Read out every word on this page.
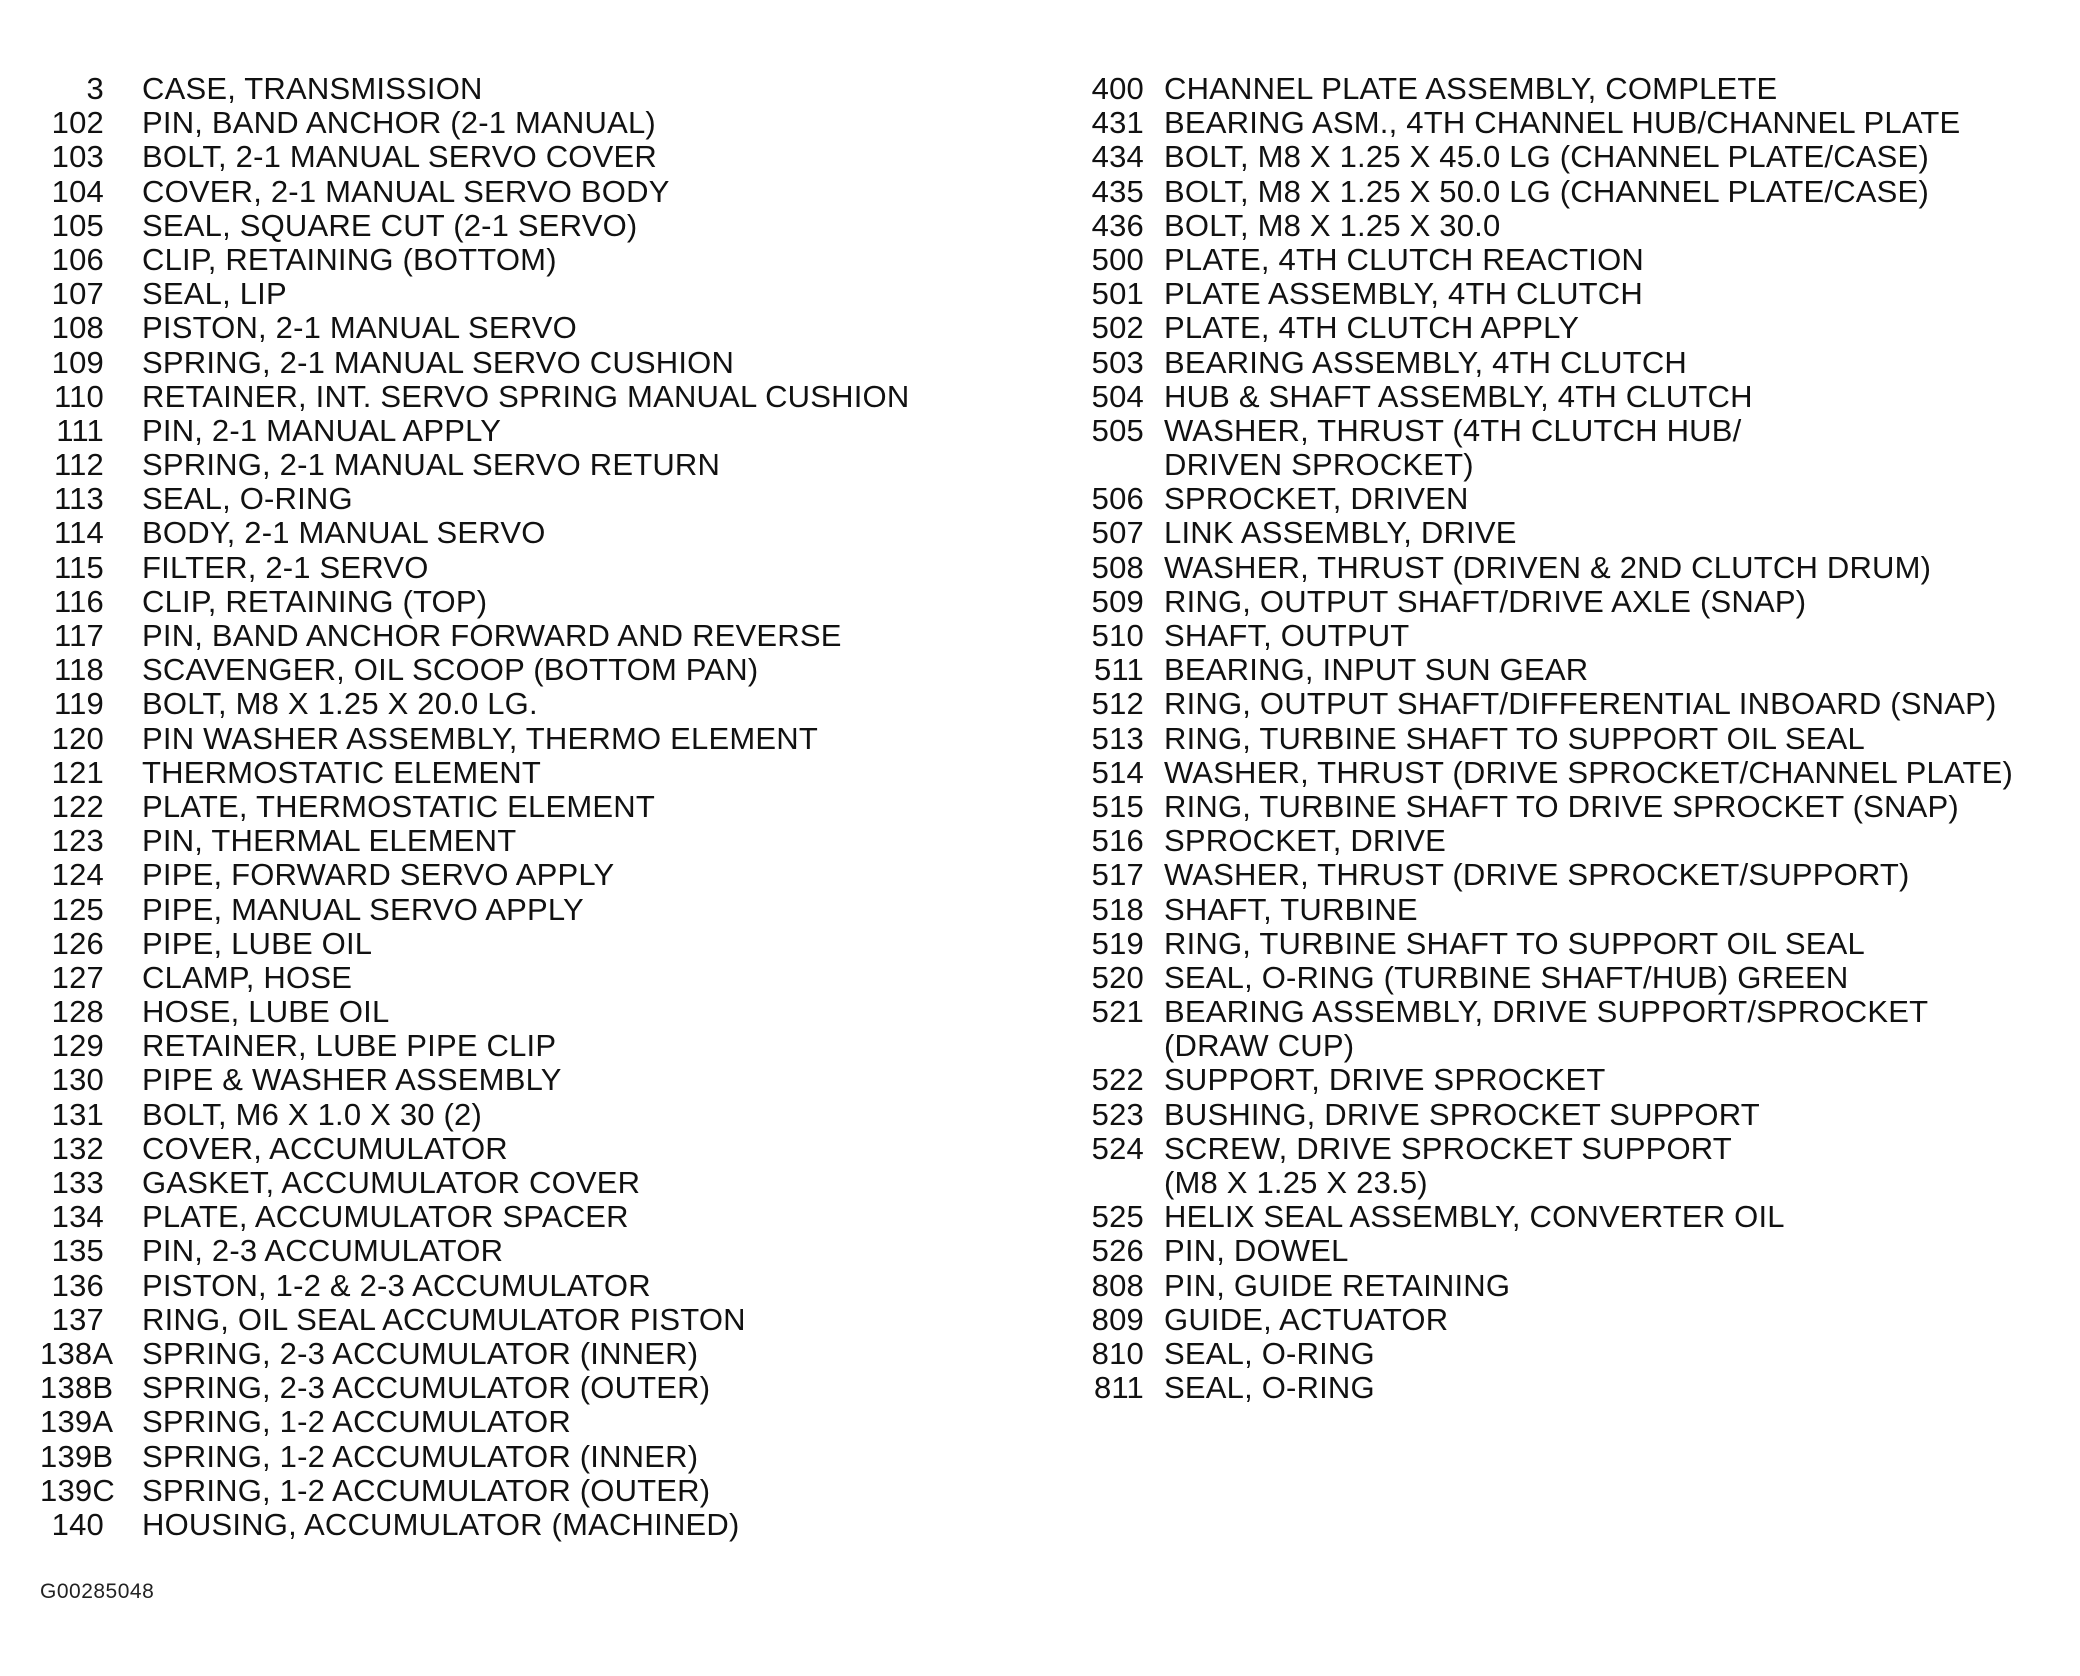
3 CASE, TRANSMISSION
102 PIN, BAND ANCHOR (2-1 MANUAL)
103 BOLT, 2-1 MANUAL SERVO COVER
104 COVER, 2-1 MANUAL SERVO BODY
105 SEAL, SQUARE CUT (2-1 SERVO)
106 CLIP, RETAINING (BOTTOM)
107 SEAL, LIP
108 PISTON, 2-1 MANUAL SERVO
109 SPRING, 2-1 MANUAL SERVO CUSHION
110 RETAINER, INT. SERVO SPRING MANUAL CUSHION
111 PIN, 2-1 MANUAL APPLY
112 SPRING, 2-1 MANUAL SERVO RETURN
113 SEAL, O-RING
114 BODY, 2-1 MANUAL SERVO
115 FILTER, 2-1 SERVO
116 CLIP, RETAINING (TOP)
117 PIN, BAND ANCHOR FORWARD AND REVERSE
118 SCAVENGER, OIL SCOOP (BOTTOM PAN)
119 BOLT, M8 X 1.25 X 20.0 LG.
120 PIN WASHER ASSEMBLY, THERMO ELEMENT
121 THERMOSTATIC ELEMENT
122 PLATE, THERMOSTATIC ELEMENT
123 PIN, THERMAL ELEMENT
124 PIPE, FORWARD SERVO APPLY
125 PIPE, MANUAL SERVO APPLY
126 PIPE, LUBE OIL
127 CLAMP, HOSE
128 HOSE, LUBE OIL
129 RETAINER, LUBE PIPE CLIP
130 PIPE & WASHER ASSEMBLY
131 BOLT, M6 X 1.0 X 30 (2)
132 COVER, ACCUMULATOR
133 GASKET, ACCUMULATOR COVER
134 PLATE, ACCUMULATOR SPACER
135 PIN, 2-3 ACCUMULATOR
136 PISTON, 1-2 & 2-3 ACCUMULATOR
137 RING, OIL SEAL ACCUMULATOR PISTON
138A SPRING, 2-3 ACCUMULATOR (INNER)
138B SPRING, 2-3 ACCUMULATOR (OUTER)
139A SPRING, 1-2 ACCUMULATOR
139B SPRING, 1-2 ACCUMULATOR (INNER)
139C SPRING, 1-2 ACCUMULATOR (OUTER)
140 HOUSING, ACCUMULATOR (MACHINED)
400 CHANNEL PLATE ASSEMBLY, COMPLETE
431 BEARING ASM., 4TH CHANNEL HUB/CHANNEL PLATE
434 BOLT, M8 X 1.25 X 45.0 LG (CHANNEL PLATE/CASE)
435 BOLT, M8 X 1.25 X 50.0 LG (CHANNEL PLATE/CASE)
436 BOLT, M8 X 1.25 X 30.0
500 PLATE, 4TH CLUTCH REACTION
501 PLATE ASSEMBLY, 4TH CLUTCH
502 PLATE, 4TH CLUTCH APPLY
503 BEARING ASSEMBLY, 4TH CLUTCH
504 HUB & SHAFT ASSEMBLY, 4TH CLUTCH
505 WASHER, THRUST (4TH CLUTCH HUB/
DRIVEN SPROCKET)
506 SPROCKET, DRIVEN
507 LINK ASSEMBLY, DRIVE
508 WASHER, THRUST (DRIVEN & 2ND CLUTCH DRUM)
509 RING, OUTPUT SHAFT/DRIVE AXLE (SNAP)
510 SHAFT, OUTPUT
511 BEARING, INPUT SUN GEAR
512 RING, OUTPUT SHAFT/DIFFERENTIAL INBOARD (SNAP)
513 RING, TURBINE SHAFT TO SUPPORT OIL SEAL
514 WASHER, THRUST (DRIVE SPROCKET/CHANNEL PLATE)
515 RING, TURBINE SHAFT TO DRIVE SPROCKET (SNAP)
516 SPROCKET, DRIVE
517 WASHER, THRUST (DRIVE SPROCKET/SUPPORT)
518 SHAFT, TURBINE
519 RING, TURBINE SHAFT TO SUPPORT OIL SEAL
520 SEAL, O-RING (TURBINE SHAFT/HUB) GREEN
521 BEARING ASSEMBLY, DRIVE SUPPORT/SPROCKET
(DRAW CUP)
522 SUPPORT, DRIVE SPROCKET
523 BUSHING, DRIVE SPROCKET SUPPORT
524 SCREW, DRIVE SPROCKET SUPPORT
(M8 X 1.25 X 23.5)
525 HELIX SEAL ASSEMBLY, CONVERTER OIL
526 PIN, DOWEL
808 PIN, GUIDE RETAINING
809 GUIDE, ACTUATOR
810 SEAL, O-RING
811 SEAL, O-RING
G00285048
